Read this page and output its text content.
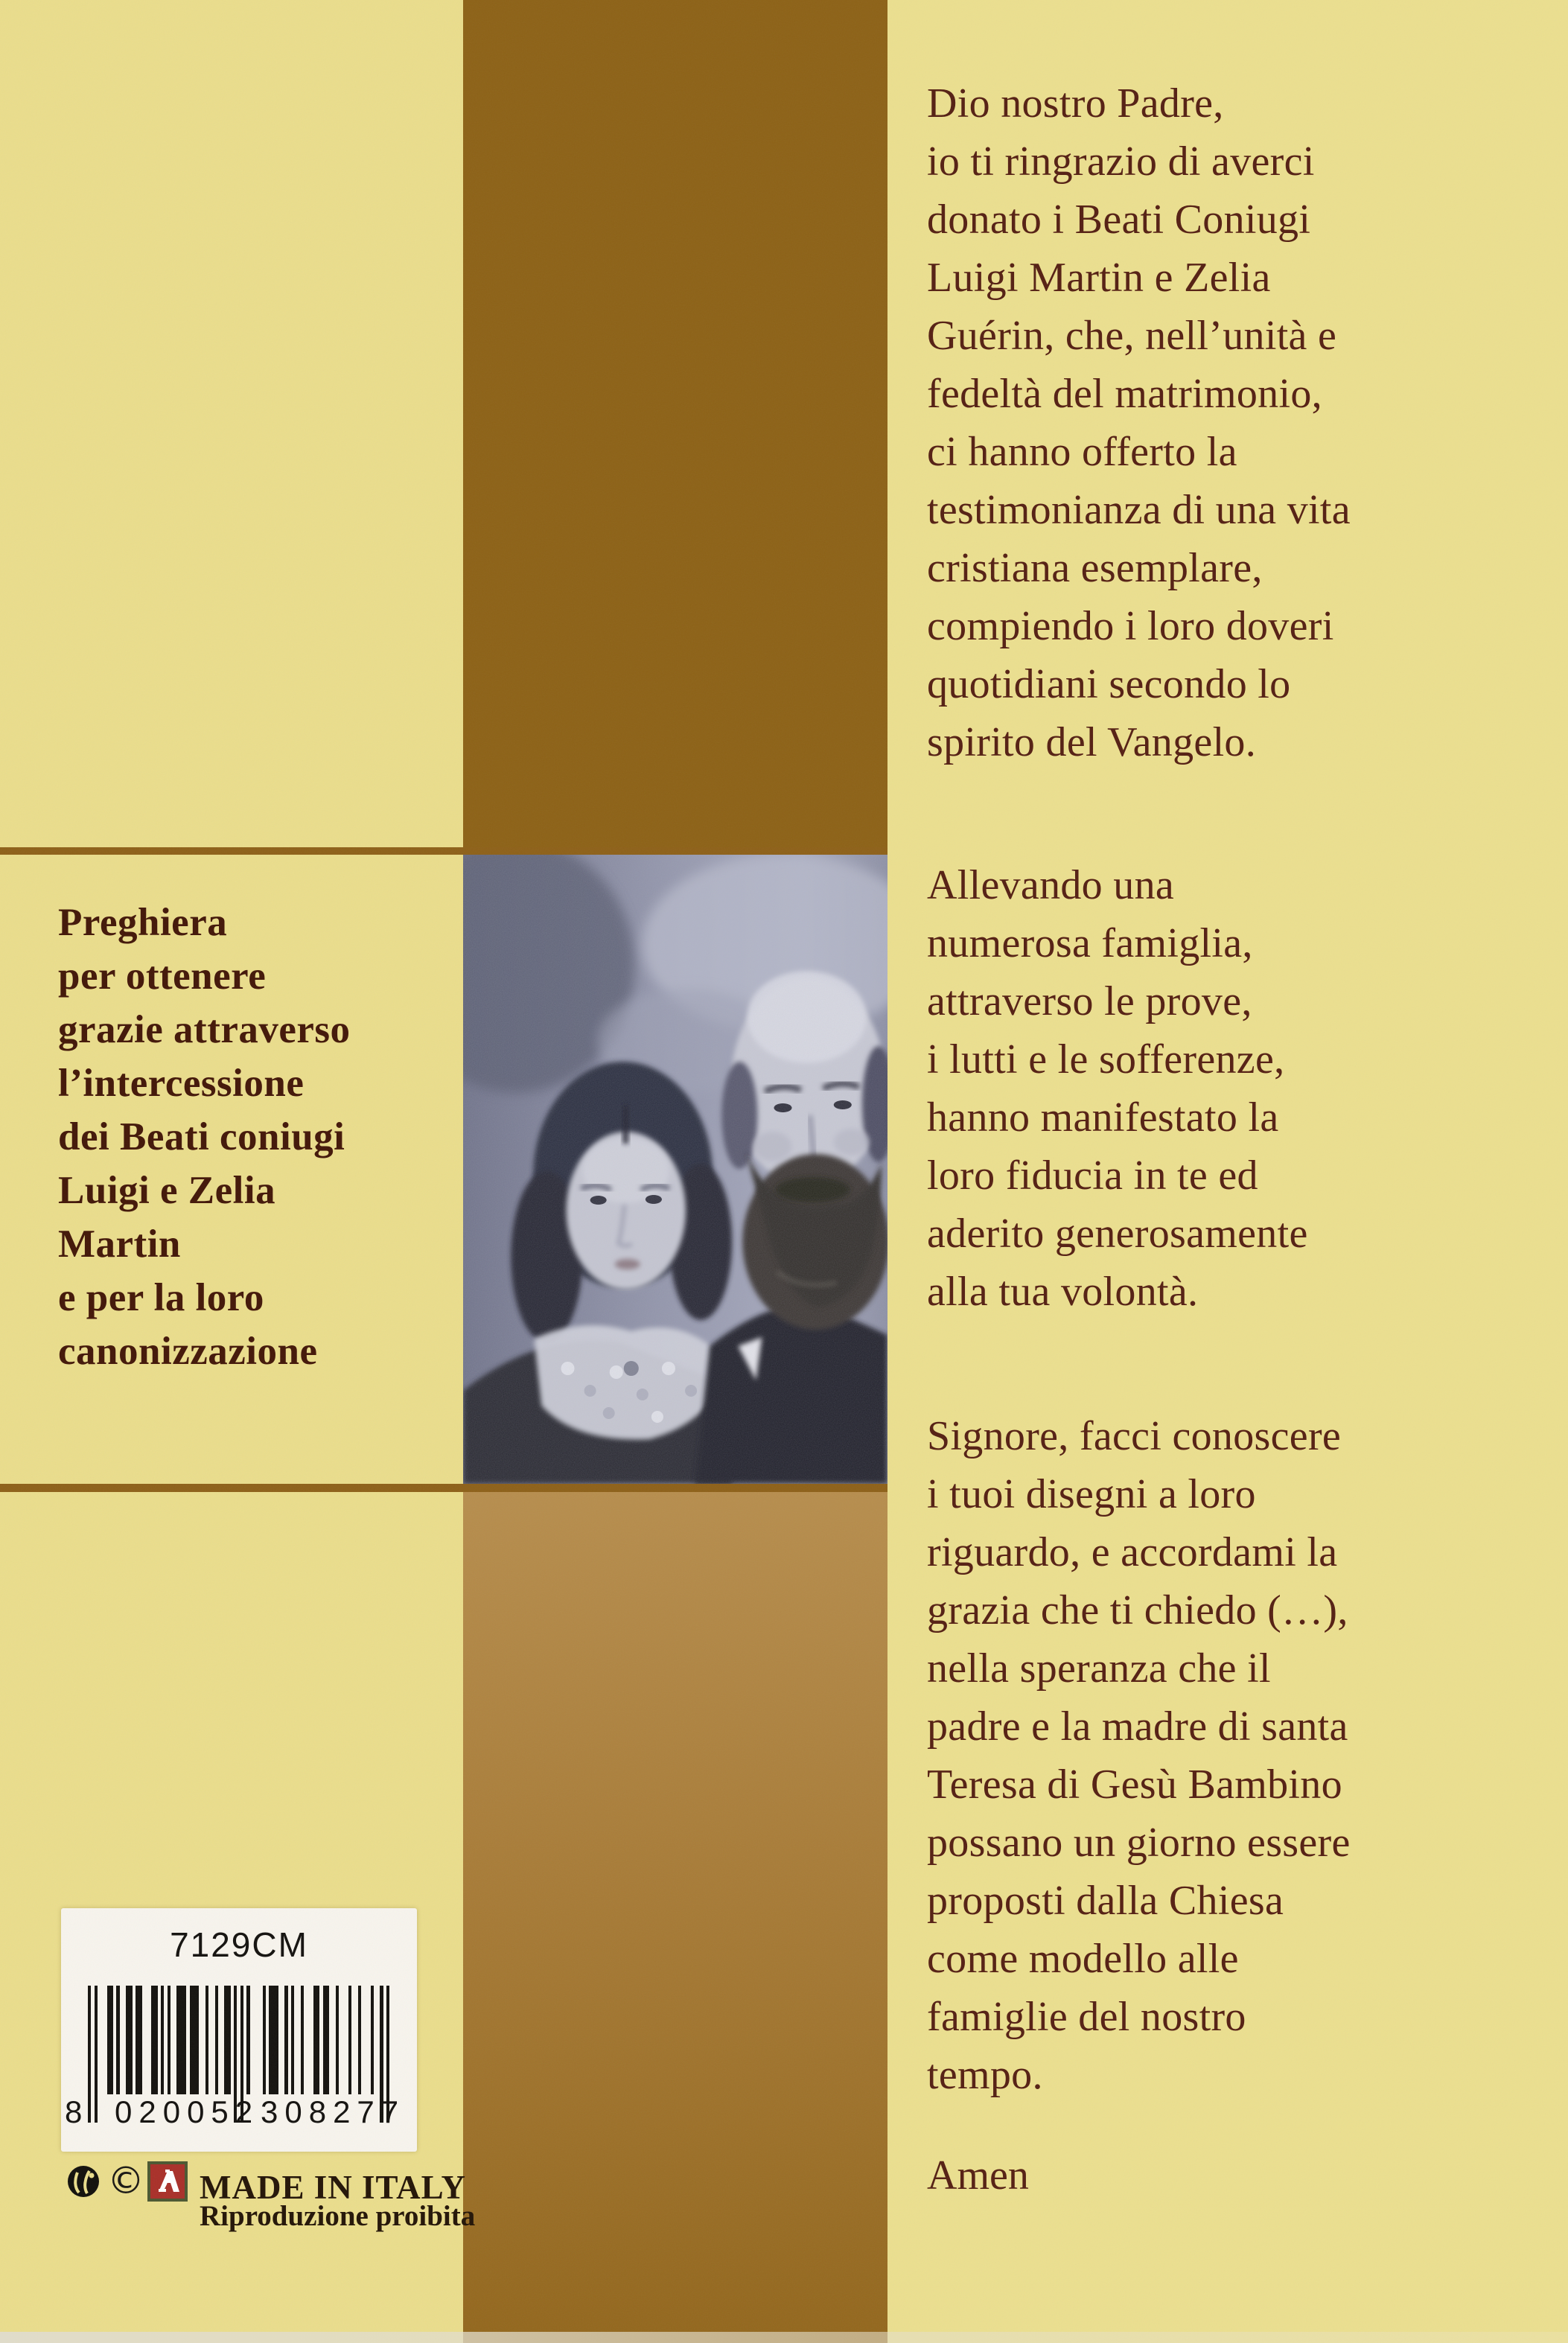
Preghiera
per ottenere
grazie attraverso
l’intercessione
dei Beati coniugi
Luigi e Zelia
Martin
e per la loro
canonizzazione
Dio nostro Padre,
io ti ringrazio di averci
donato i Beati Coniugi
Luigi Martin e Zelia
Guérin, che, nell’unità e
fedeltà del matrimonio,
ci hanno offerto la
testimonianza di una vita
cristiana esemplare,
compiendo i loro doveri
quotidiani secondo lo
spirito del Vangelo.
Allevando una
numerosa famiglia,
attraverso le prove,
i lutti e le sofferenze,
hanno manifestato la
loro fiducia in te ed
aderito generosamente
alla tua volontà.
Signore, facci conoscere
i tuoi disegni a loro
riguardo, e accordami la
grazia che ti chiedo (…),
nella speranza che il
padre e la madre di santa
Teresa di Gesù Bambino
possano un giorno essere
proposti dalla Chiesa
come modello alle
famiglie del nostro
tempo.
Amen
7129CM
8 020052 308277
© MADE IN ITALY
Riproduzione proibita
